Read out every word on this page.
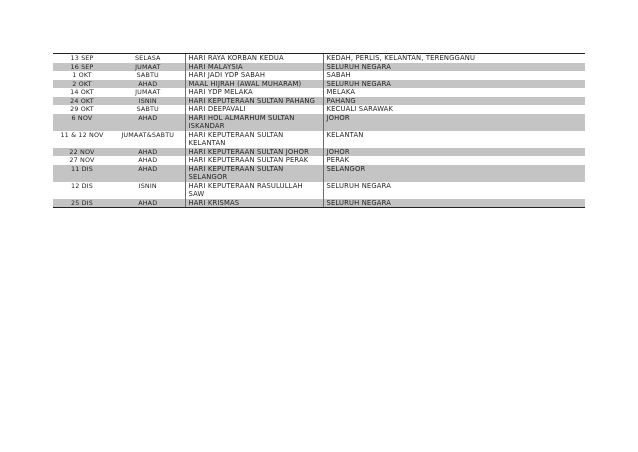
13 SEP	SELASA	HARI RAYA KORBAN KEDUA	KEDAH, PERLIS, KELANTAN, TERENGGANU
16 SEP	JUMAAT	HARI MALAYSIA	SELURUH NEGARA
1 OKT	SABTU	HARI JADI YDP SABAH	SABAH
2 OKT	AHAD	MAAL HIJRAH (AWAL MUHARAM)	SELURUH NEGARA
14 OKT	JUMAAT	HARI YDP MELAKA	MELAKA
24 OKT	ISNIN	HARI KEPUTERAAN SULTAN PAHANG	PAHANG
29 OKT	SABTU	HARI DEEPAVALI	KECUALI SARAWAK
6 NOV	AHAD	HARI HOL ALMARHUM SULTAN ISKANDAR	JOHOR
11 & 12 NOV	JUMAAT&SABTU	HARI KEPUTERAAN SULTAN KELANTAN	KELANTAN
22 NOV	AHAD	HARI KEPUTERAAN SULTAN JOHOR	JOHOR
27 NOV	AHAD	HARI KEPUTERAAN SULTAN PERAK	PERAK
11 DIS	AHAD	HARI KEPUTERAAN SULTAN SELANGOR	SELANGOR
12 DIS	ISNIN	HARI KEPUTERAAN RASULULLAH SAW	SELURUH NEGARA
25 DIS	AHAD	HARI KRISMAS	SELURUH NEGARA
